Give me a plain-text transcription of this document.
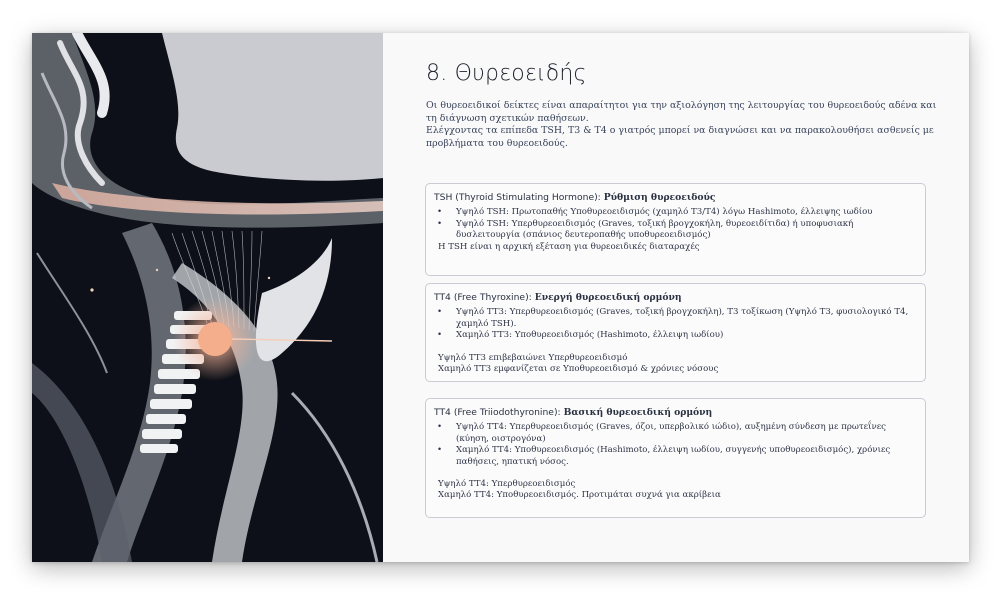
8. Θυρεοειδής

Οι θυρεοειδικοί δείκτες είναι απαραίτητοι για την αξιολόγηση της λειτουργίας του θυρεοειδούς αδένα και τη διάγνωση σχετικών παθήσεων.

Ελέγχοντας τα επίπεδα TSH, T3 & T4 ο γιατρός μπορεί να διαγνώσει και να παρακολουθήσει ασθενείς με προβλήματα του θυρεοειδούς.

TSH (Thyroid Stimulating Hormone): Ρύθμιση θυρεοειδούς
• Υψηλό TSH: Πρωτοπαθής Υποθυρεοειδισμός (χαμηλό Τ3/Τ4) λόγω Hashimoto, έλλειψης ιωδίου
• Υψηλό TSH: Υπερθυρεοειδισμός (Graves, τοξική βρογχοκήλη, θυρεοειδίτιδα) ή υποφυσιακή δυσλειτουργία (σπάνιος δευτεροπαθής υποθυρεοειδισμός)

Η TSH είναι η αρχική εξέταση για θυρεοειδικές διαταραχές

TT4 (Free Thyroxine): Ενεργή θυρεοειδική ορμόνη
• Υψηλό TT3: Υπερθυρεοειδισμός (Graves, τοξική βρογχοκήλη), Τ3 τοξίκωση (Υψηλό Τ3, φυσιολογικό Τ4, χαμηλό TSH).
• Χαμηλό TT3: Υποθυρεοειδισμός (Hashimoto, έλλειψη ιωδίου)

Υψηλό TT3 επιβεβαιώνει Υπερθυρεοειδισμό

Χαμηλό TT3 εμφανίζεται σε Υποθυρεοειδισμό & χρόνιες νόσους

TT4 (Free Triiodothyronine): Βασική θυρεοειδική ορμόνη
• Υψηλό TT4: Υπερθυρεοειδισμός (Graves, όζοι, υπερβολικό ιώδιο), αυξημένη σύνδεση με πρωτεΐνες (κύηση, οιστρογόνα)
• Χαμηλό TT4: Υποθυρεοειδισμός (Hashimoto, έλλειψη ιωδίου, συγγενής υποθυρεοειδισμός), χρόνιες παθήσεις, ηπατική νόσος.

Υψηλό TT4: Υπερθυρεοειδισμός

Χαμηλό TT4: Υποθυρεοειδισμός. Προτιμάται συχνά για ακρίβεια
